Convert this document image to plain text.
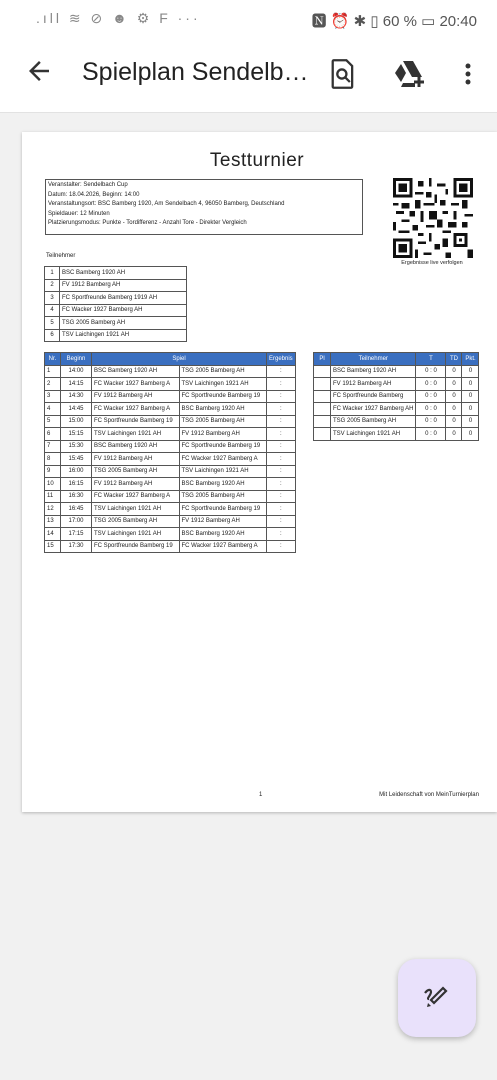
.ıll ≋ ⊘ ☻ ⚙ F ···	🅽 ⏰ ✱ ▯ 60 % ▭ 20:40
Spielplan Sendelb…
Testturnier
Veranstalter: Sendelbach Cup
Datum: 18.04.2026, Beginn: 14:00
Veranstaltungsort: BSC Bamberg 1920, Am Sendelbach 4, 96050 Bamberg, Deutschland
Spieldauer: 12 Minuten
Platzierungsmodus: Punkte - Tordifferenz - Anzahl Tore - Direkter Vergleich
Ergebnisse live verfolgen
Teilnehmer
1	BSC Bamberg 1920 AH
2	FV 1912 Bamberg AH
3	FC Sportfreunde Bamberg 1919 AH
4	FC Wacker 1927 Bamberg AH
5	TSG 2005 Bamberg AH
6	TSV Laichingen 1921 AH
Nr.	Beginn	Spiel		Ergebnis
1	14:00	BSC Bamberg 1920 AH	TSG 2005 Bamberg AH	:
2	14:15	FC Wacker 1927 Bamberg A	TSV Laichingen 1921 AH	:
3	14:30	FV 1912 Bamberg AH	FC Sportfreunde Bamberg 19	:
4	14:45	FC Wacker 1927 Bamberg A	BSC Bamberg 1920 AH	:
5	15:00	FC Sportfreunde Bamberg 19	TSG 2005 Bamberg AH	:
6	15:15	TSV Laichingen 1921 AH	FV 1912 Bamberg AH	:
7	15:30	BSC Bamberg 1920 AH	FC Sportfreunde Bamberg 19	:
8	15:45	FV 1912 Bamberg AH	FC Wacker 1927 Bamberg A	:
9	16:00	TSG 2005 Bamberg AH	TSV Laichingen 1921 AH	:
10	16:15	FV 1912 Bamberg AH	BSC Bamberg 1920 AH	:
11	16:30	FC Wacker 1927 Bamberg A	TSG 2005 Bamberg AH	:
12	16:45	TSV Laichingen 1921 AH	FC Sportfreunde Bamberg 19	:
13	17:00	TSG 2005 Bamberg AH	FV 1912 Bamberg AH	:
14	17:15	TSV Laichingen 1921 AH	BSC Bamberg 1920 AH	:
15	17:30	FC Sportfreunde Bamberg 19	FC Wacker 1927 Bamberg A	:
Pl	Teilnehmer	T	TD	Pkt.
	BSC Bamberg 1920 AH	0 : 0	0	0
	FV 1912 Bamberg AH	0 : 0	0	0
	FC Sportfreunde Bamberg	0 : 0	0	0
	FC Wacker 1927 Bamberg AH	0 : 0	0	0
	TSG 2005 Bamberg AH	0 : 0	0	0
	TSV Laichingen 1921 AH	0 : 0	0	0
1	Mit Leidenschaft von MeinTurnierplan
